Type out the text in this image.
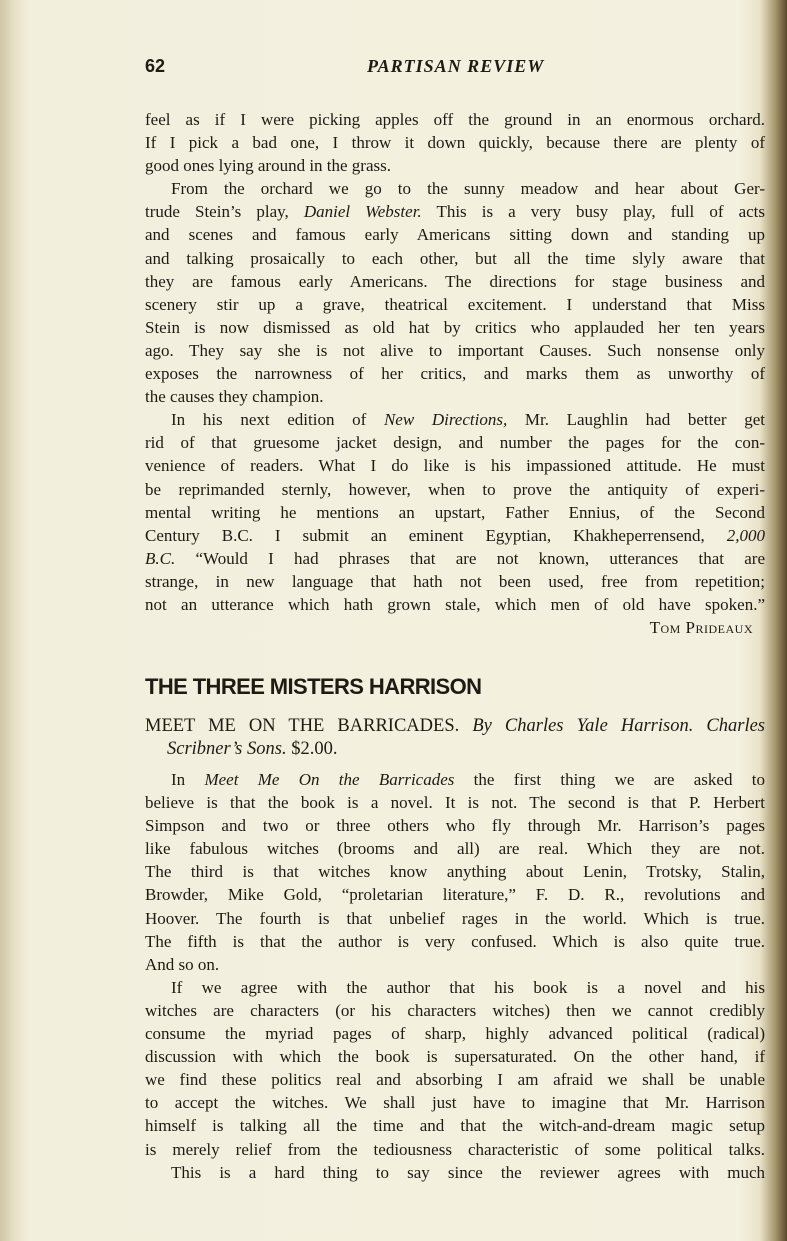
62	PARTISAN REVIEW
feel as if I were picking apples off the ground in an enormous orchard.
If I pick a bad one, I throw it down quickly, because there are plenty of
good ones lying around in the grass.
From the orchard we go to the sunny meadow and hear about Ger-
trude Stein’s play, Daniel Webster. This is a very busy play, full of acts
and scenes and famous early Americans sitting down and standing up
and talking prosaically to each other, but all the time slyly aware that
they are famous early Americans. The directions for stage business and
scenery stir up a grave, theatrical excitement. I understand that Miss
Stein is now dismissed as old hat by critics who applauded her ten years
ago. They say she is not alive to important Causes. Such nonsense only
exposes the narrowness of her critics, and marks them as unworthy of
the causes they champion.
In his next edition of New Directions, Mr. Laughlin had better get
rid of that gruesome jacket design, and number the pages for the con-
venience of readers. What I do like is his impassioned attitude. He must
be reprimanded sternly, however, when to prove the antiquity of experi-
mental writing he mentions an upstart, Father Ennius, of the Second
Century B.C. I submit an eminent Egyptian, Khakheperrensend, 2,000
B.C. “Would I had phrases that are not known, utterances that are
strange, in new language that hath not been used, free from repetition;
not an utterance which hath grown stale, which men of old have spoken.”
Tom Prideaux
THE THREE MISTERS HARRISON
MEET ME ON THE BARRICADES. By Charles Yale Harrison. Charles
Scribner’s Sons. $2.00.
In Meet Me On the Barricades the first thing we are asked to
believe is that the book is a novel. It is not. The second is that P. Herbert
Simpson and two or three others who fly through Mr. Harrison’s pages
like fabulous witches (brooms and all) are real. Which they are not.
The third is that witches know anything about Lenin, Trotsky, Stalin,
Browder, Mike Gold, “proletarian literature,” F. D. R., revolutions and
Hoover. The fourth is that unbelief rages in the world. Which is true.
The fifth is that the author is very confused. Which is also quite true.
And so on.
If we agree with the author that his book is a novel and his
witches are characters (or his characters witches) then we cannot credibly
consume the myriad pages of sharp, highly advanced political (radical)
discussion with which the book is supersaturated. On the other hand, if
we find these politics real and absorbing I am afraid we shall be unable
to accept the witches. We shall just have to imagine that Mr. Harrison
himself is talking all the time and that the witch-and-dream magic setup
is merely relief from the tediousness characteristic of some political talks.
This is a hard thing to say since the reviewer agrees with much
